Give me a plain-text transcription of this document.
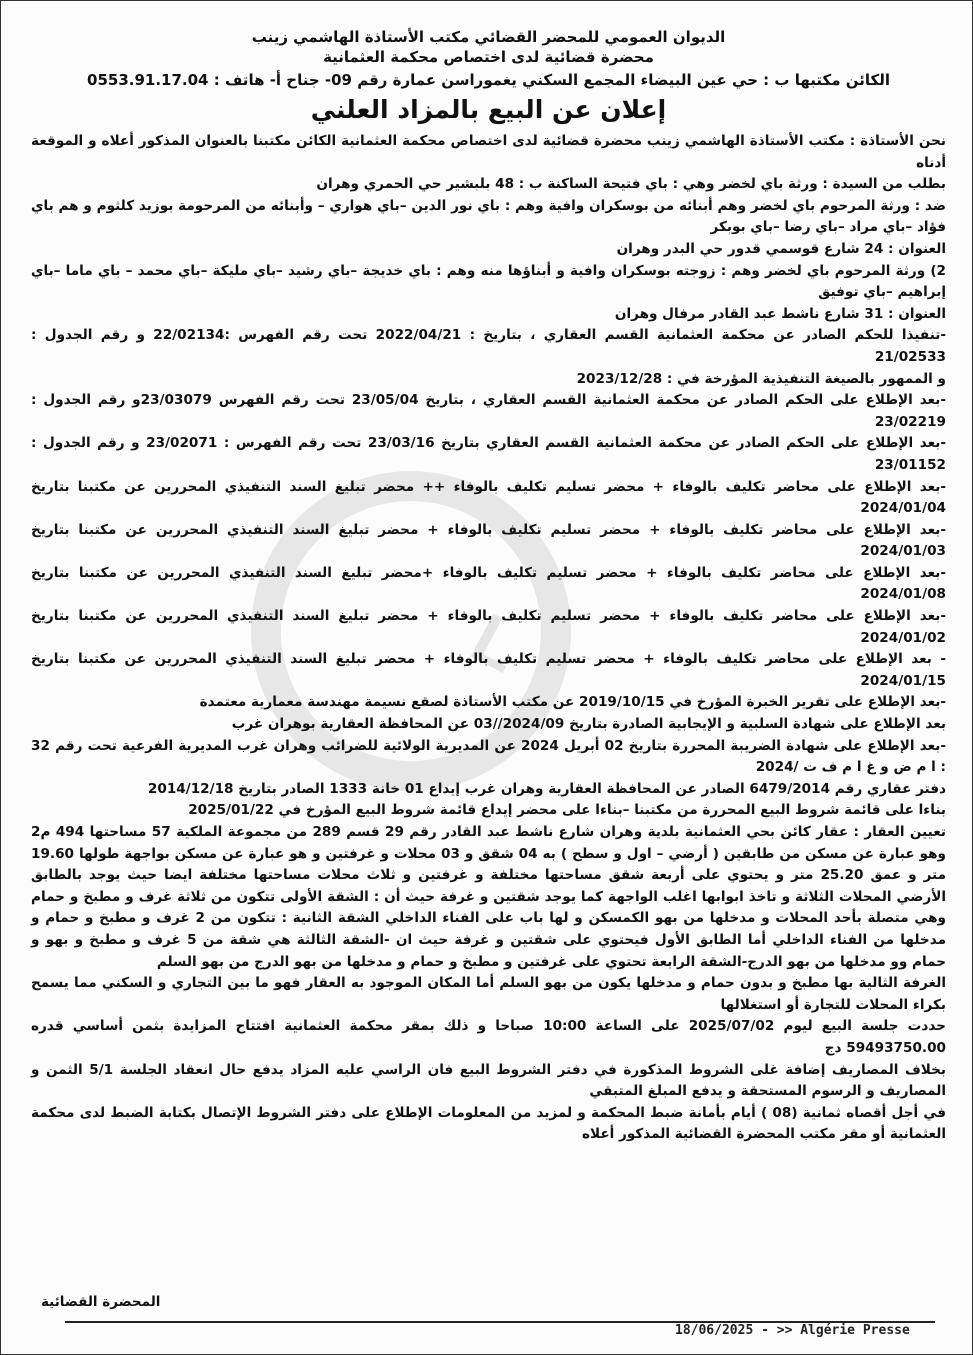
L
الديوان العمومي للمحضر القضائي مكتب الأستاذة الهاشمي زينب
محضرة قضائية لدى اختصاص محكمة العثمانية
الكائن مكتبها ب : حي عين البيضاء المجمع السكني يغموراسن عمارة رقم 09- جناح أ- هاتف : 0553.91.17.04
إعلان عن البيع بالمزاد العلني
نحن الأستاذة : مكتب الأستاذة الهاشمي زينب محضرة قضائية لدى اختصاص محكمة العثمانية الكائن مكتبنا بالعنوان المذكور أعلاه و الموقعة أدناه
بطلب من السيدة : ورثة باي لخضر وهي : باي فتيحة الساكنة ب : 48 بلبشير حي الحمري وهران
ضد : ورثة المرحوم باي لخضر وهم أبنائه من بوسكران وافية وهم : باي نور الدين –باي هواري – وأبنائه من المرحومة بوزيد كلثوم و هم باي فؤاد –باي مراد –باي رضا –باي بوبكر
العنوان : 24 شارع قوسمي قدور حي البدر وهران
2) ورثة المرحوم باي لخضر وهم : زوجته بوسكران وافية و أبناؤها منه وهم : باي خديجة –باي رشيد –باي مليكة –باي محمد – باي ماما –باي إبراهيم –باي توفيق
العنوان : 31 شارع ناشط عبد القادر مرفال وهران
-تنفيذا للحكم الصادر عن محكمة العثمانية القسم العقاري ، بتاريخ : 2022/04/21 تحت رقم الفهرس :22/02134 و رقم الجدول : 21/02533
و الممهور بالصيغة التنفيذية المؤرخة في : 2023/12/28
-بعد الإطلاع على الحكم الصادر عن محكمة العثمانية القسم العقاري ، بتاريخ 23/05/04 تحت رقم الفهرس 23/03079و رقم الجدول : 23/02219
-بعد الإطلاع على الحكم الصادر عن محكمة العثمانية القسم العقاري بتاريخ 23/03/16 تحت رقم الفهرس : 23/02071 و رقم الجدول : 23/01152
-بعد الإطلاع على محاضر تكليف بالوفاء + محضر تسليم تكليف بالوفاء ++ محضر تبليغ السند التنفيذي المحررين عن مكتبنا بتاريخ 2024/01/04
-بعد الإطلاع على محاضر تكليف بالوفاء + محضر تسليم تكليف بالوفاء + محضر تبليغ السند التنفيذي المحررين عن مكتبنا بتاريخ 2024/01/03
-بعد الإطلاع على محاضر تكليف بالوفاء + محضر تسليم تكليف بالوفاء +محضر تبليغ السند التنفيذي المحررين عن مكتبنا بتاريخ 2024/01/08
-بعد الإطلاع على محاضر تكليف بالوفاء + محضر تسليم تكليف بالوفاء + محضر تبليغ السند التنفيذي المحررين عن مكتبنا بتاريخ 2024/01/02
- بعد الإطلاع على محاضر تكليف بالوفاء + محضر تسليم تكليف بالوفاء + محضر تبليغ السند التنفيذي المحررين عن مكتبنا بتاريخ 2024/01/15
-بعد الإطلاع على تقرير الخبرة المؤرخ في 2019/10/15 عن مكتب الأستاذة لصقع نسيمة مهندسة معمارية معتمدة
بعد الإطلاع على شهادة السلبية و الإيجابية الصادرة بتاريخ 2024/09//03 عن المحافظة العقارية بوهران غرب
-بعد الإطلاع على شهادة الضريبة المحررة بتاريخ 02 أبريل 2024 عن المديرية الولائية للضرائب وهران غرب المديرية الفرعية تحت رقم 32 : ا م ض و غ ا م ف ت /2024
دفتر عقاري رقم 6479/2014 الصادر عن المحافظة العقارية وهران غرب إيداع 01 خانة 1333 الصادر بتاريخ 2014/12/18
بناءا على قائمة شروط البيع المحررة من مكتبنا –بناءا على محضر إيداع قائمة شروط البيع المؤرخ في 2025/01/22
تعيين العقار : عقار كائن بحي العثمانية بلدية وهران شارع ناشط عبد القادر رقم 29 قسم 289 من مجموعة الملكية 57 مساحتها 494 م2 وهو عبارة عن مسكن من طابقين ( أرضي – اول و سطح ) به 04 شقق و 03 محلات و غرفتين و هو عبارة عن مسكن بواجهة طولها 19.60 متر و عمق 25.20 متر و يحتوي على أربعة شقق مساحتها مختلفة و غرفتين و ثلاث محلات مساحتها مختلفة ايضا حيث يوجد بالطابق الأرضي المحلات الثلاثة و تاخذ ابوابها اغلب الواجهة كما يوجد شقتين و غرفة حيث أن : الشقة الأولى تتكون من ثلاثة غرف و مطبخ و حمام وهي متصلة بأحد المحلات و مدخلها من بهو الكمسكن و لها باب على الفناء الداخلي الشقة الثانية : تتكون من 2 غرف و مطبخ و حمام و مدخلها من الفناء الداخلي أما الطابق الأول فيحتوي على شقتين و غرفة حيث ان -الشقة الثالثة هي شقة من 5 غرف و مطبخ و بهو و حمام وو مدخلها من بهو الدرج-الشقة الرابعة تحتوي على غرفتين و مطبخ و حمام و مدخلها من بهو الدرج من بهو السلم
الغرفة الثالية بها مطبخ و بدون حمام و مدخلها يكون من بهو السلم أما المكان الموجود به العقار فهو ما بين التجاري و السكني مما يسمح بكراء المحلات للتجارة أو استغلالها
حددت جلسة البيع ليوم 2025/07/02 على الساعة 10:00 صباحا و ذلك بمقر محكمة العثمانية افتتاح المزايدة بثمن أساسي قدره 59493750.00 دج
بخلاف المصاريف إضافة غلى الشروط المذكورة في دفتر الشروط البيع فان الراسي عليه المزاد يدفع حال انعقاد الجلسة 5/1 الثمن و المصاريف و الرسوم المستحقة و يدفع المبلغ المتبقي
في أجل أقصاه ثمانية (08 ) أيام بأمانة ضبط المحكمة و لمزيد من المعلومات الإطلاع على دفتر الشروط الإتصال بكتابة الضبط لدى محكمة العثمانية أو مقر مكتب المحضرة القضائية المذكور أعلاه
المحضرة القضائية
18/06/2025 - >> Algérie Presse
